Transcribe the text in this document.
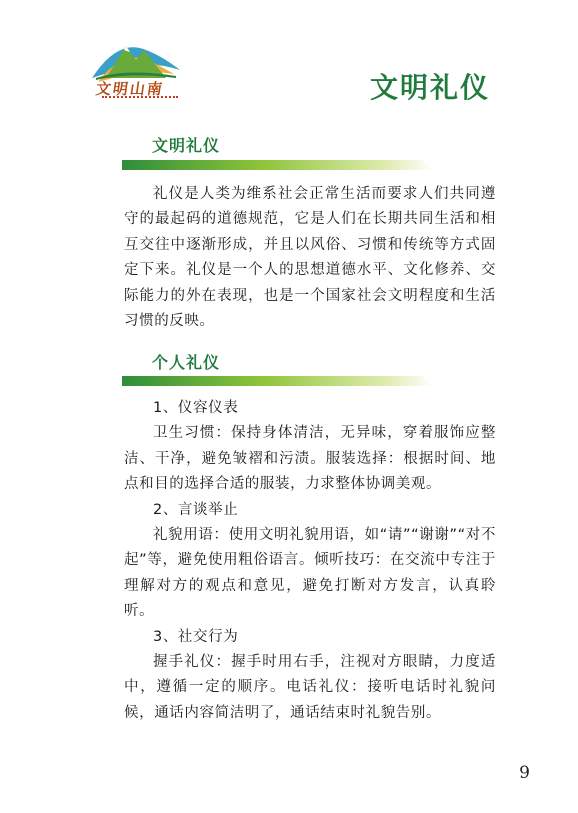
文明山南	文明礼仪
文明礼仪

礼仪是人类为维系社会正常生活而要求人们共同遵守的最起码的道德规范，它是人们在长期共同生活和相互交往中逐渐形成，并且以风俗、习惯和传统等方式固定下来。礼仪是一个人的思想道德水平、文化修养、交际能力的外在表现，也是一个国家社会文明程度和生活习惯的反映。

个人礼仪

1、仪容仪表

卫生习惯：保持身体清洁，无异味，穿着服饰应整洁、干净，避免皱褶和污渍。服装选择：根据时间、地点和目的选择合适的服装，力求整体协调美观。

2、言谈举止

礼貌用语：使用文明礼貌用语，如“请”“谢谢”“对不起”等，避免使用粗俗语言。倾听技巧：在交流中专注于理解对方的观点和意见，避免打断对方发言，认真聆听。

3、社交行为

握手礼仪：握手时用右手，注视对方眼睛，力度适中，遵循一定的顺序。电话礼仪：接听电话时礼貌问候，通话内容简洁明了，通话结束时礼貌告别。

9
